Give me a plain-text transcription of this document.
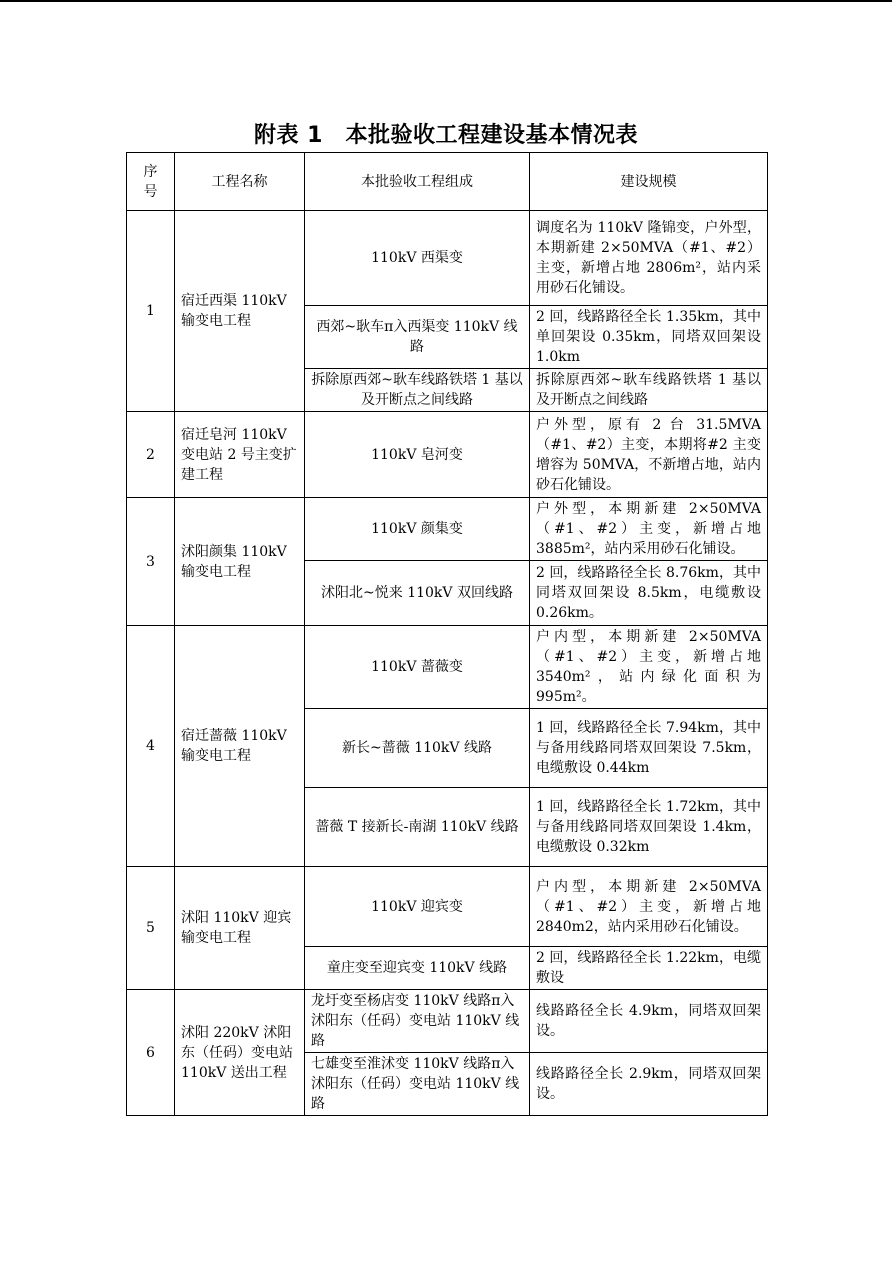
附表 1　本批验收工程建设基本情况表
序号	工程名称	本批验收工程组成	建设规模
1	宿迁西渠 110kV 输变电工程	110kV 西渠变	调度名为 110kV 隆锦变，户外型，本期新建 2×50MVA（#1、#2）主变，新增占地 2806m²，站内采用砂石化铺设。
		西郊~耿车π入西渠变 110kV 线路	2 回，线路路径全长 1.35km，其中单回架设 0.35km，同塔双回架设 1.0km
		拆除原西郊~耿车线路铁塔 1 基以及开断点之间线路	拆除原西郊~耿车线路铁塔 1 基以及开断点之间线路
2	宿迁皂河 110kV 变电站 2 号主变扩建工程	110kV 皂河变	户外型，原有 2 台 31.5MVA（#1、#2）主变，本期将#2 主变增容为 50MVA，不新增占地，站内砂石化铺设。
3	沭阳颜集 110kV 输变电工程	110kV 颜集变	户外型，本期新建 2×50MVA（#1、#2）主变，新增占地 3885m²，站内采用砂石化铺设。
		沭阳北~悦来 110kV 双回线路	2 回，线路路径全长 8.76km，其中同塔双回架设 8.5km，电缆敷设 0.26km。
4	宿迁蔷薇 110kV 输变电工程	110kV 蔷薇变	户内型，本期新建 2×50MVA（#1、#2）主变，新增占地 3540m²，站内绿化面积为 995m²。
		新长~蔷薇 110kV 线路	1 回，线路路径全长 7.94km，其中与备用线路同塔双回架设 7.5km，电缆敷设 0.44km
		蔷薇 T 接新长-南湖 110kV 线路	1 回，线路路径全长 1.72km，其中与备用线路同塔双回架设 1.4km，电缆敷设 0.32km
5	沭阳 110kV 迎宾输变电工程	110kV 迎宾变	户内型，本期新建 2×50MVA（#1、#2）主变，新增占地 2840m2，站内采用砂石化铺设。
		童庄变至迎宾变 110kV 线路	2 回，线路路径全长 1.22km，电缆敷设
6	沭阳 220kV 沭阳东（任码）变电站 110kV 送出工程	龙圩变至杨店变 110kV 线路π入沭阳东（任码）变电站 110kV 线路	线路路径全长 4.9km，同塔双回架设。
		七雄变至淮沭变 110kV 线路π入沭阳东（任码）变电站 110kV 线路	线路路径全长 2.9km，同塔双回架设。
